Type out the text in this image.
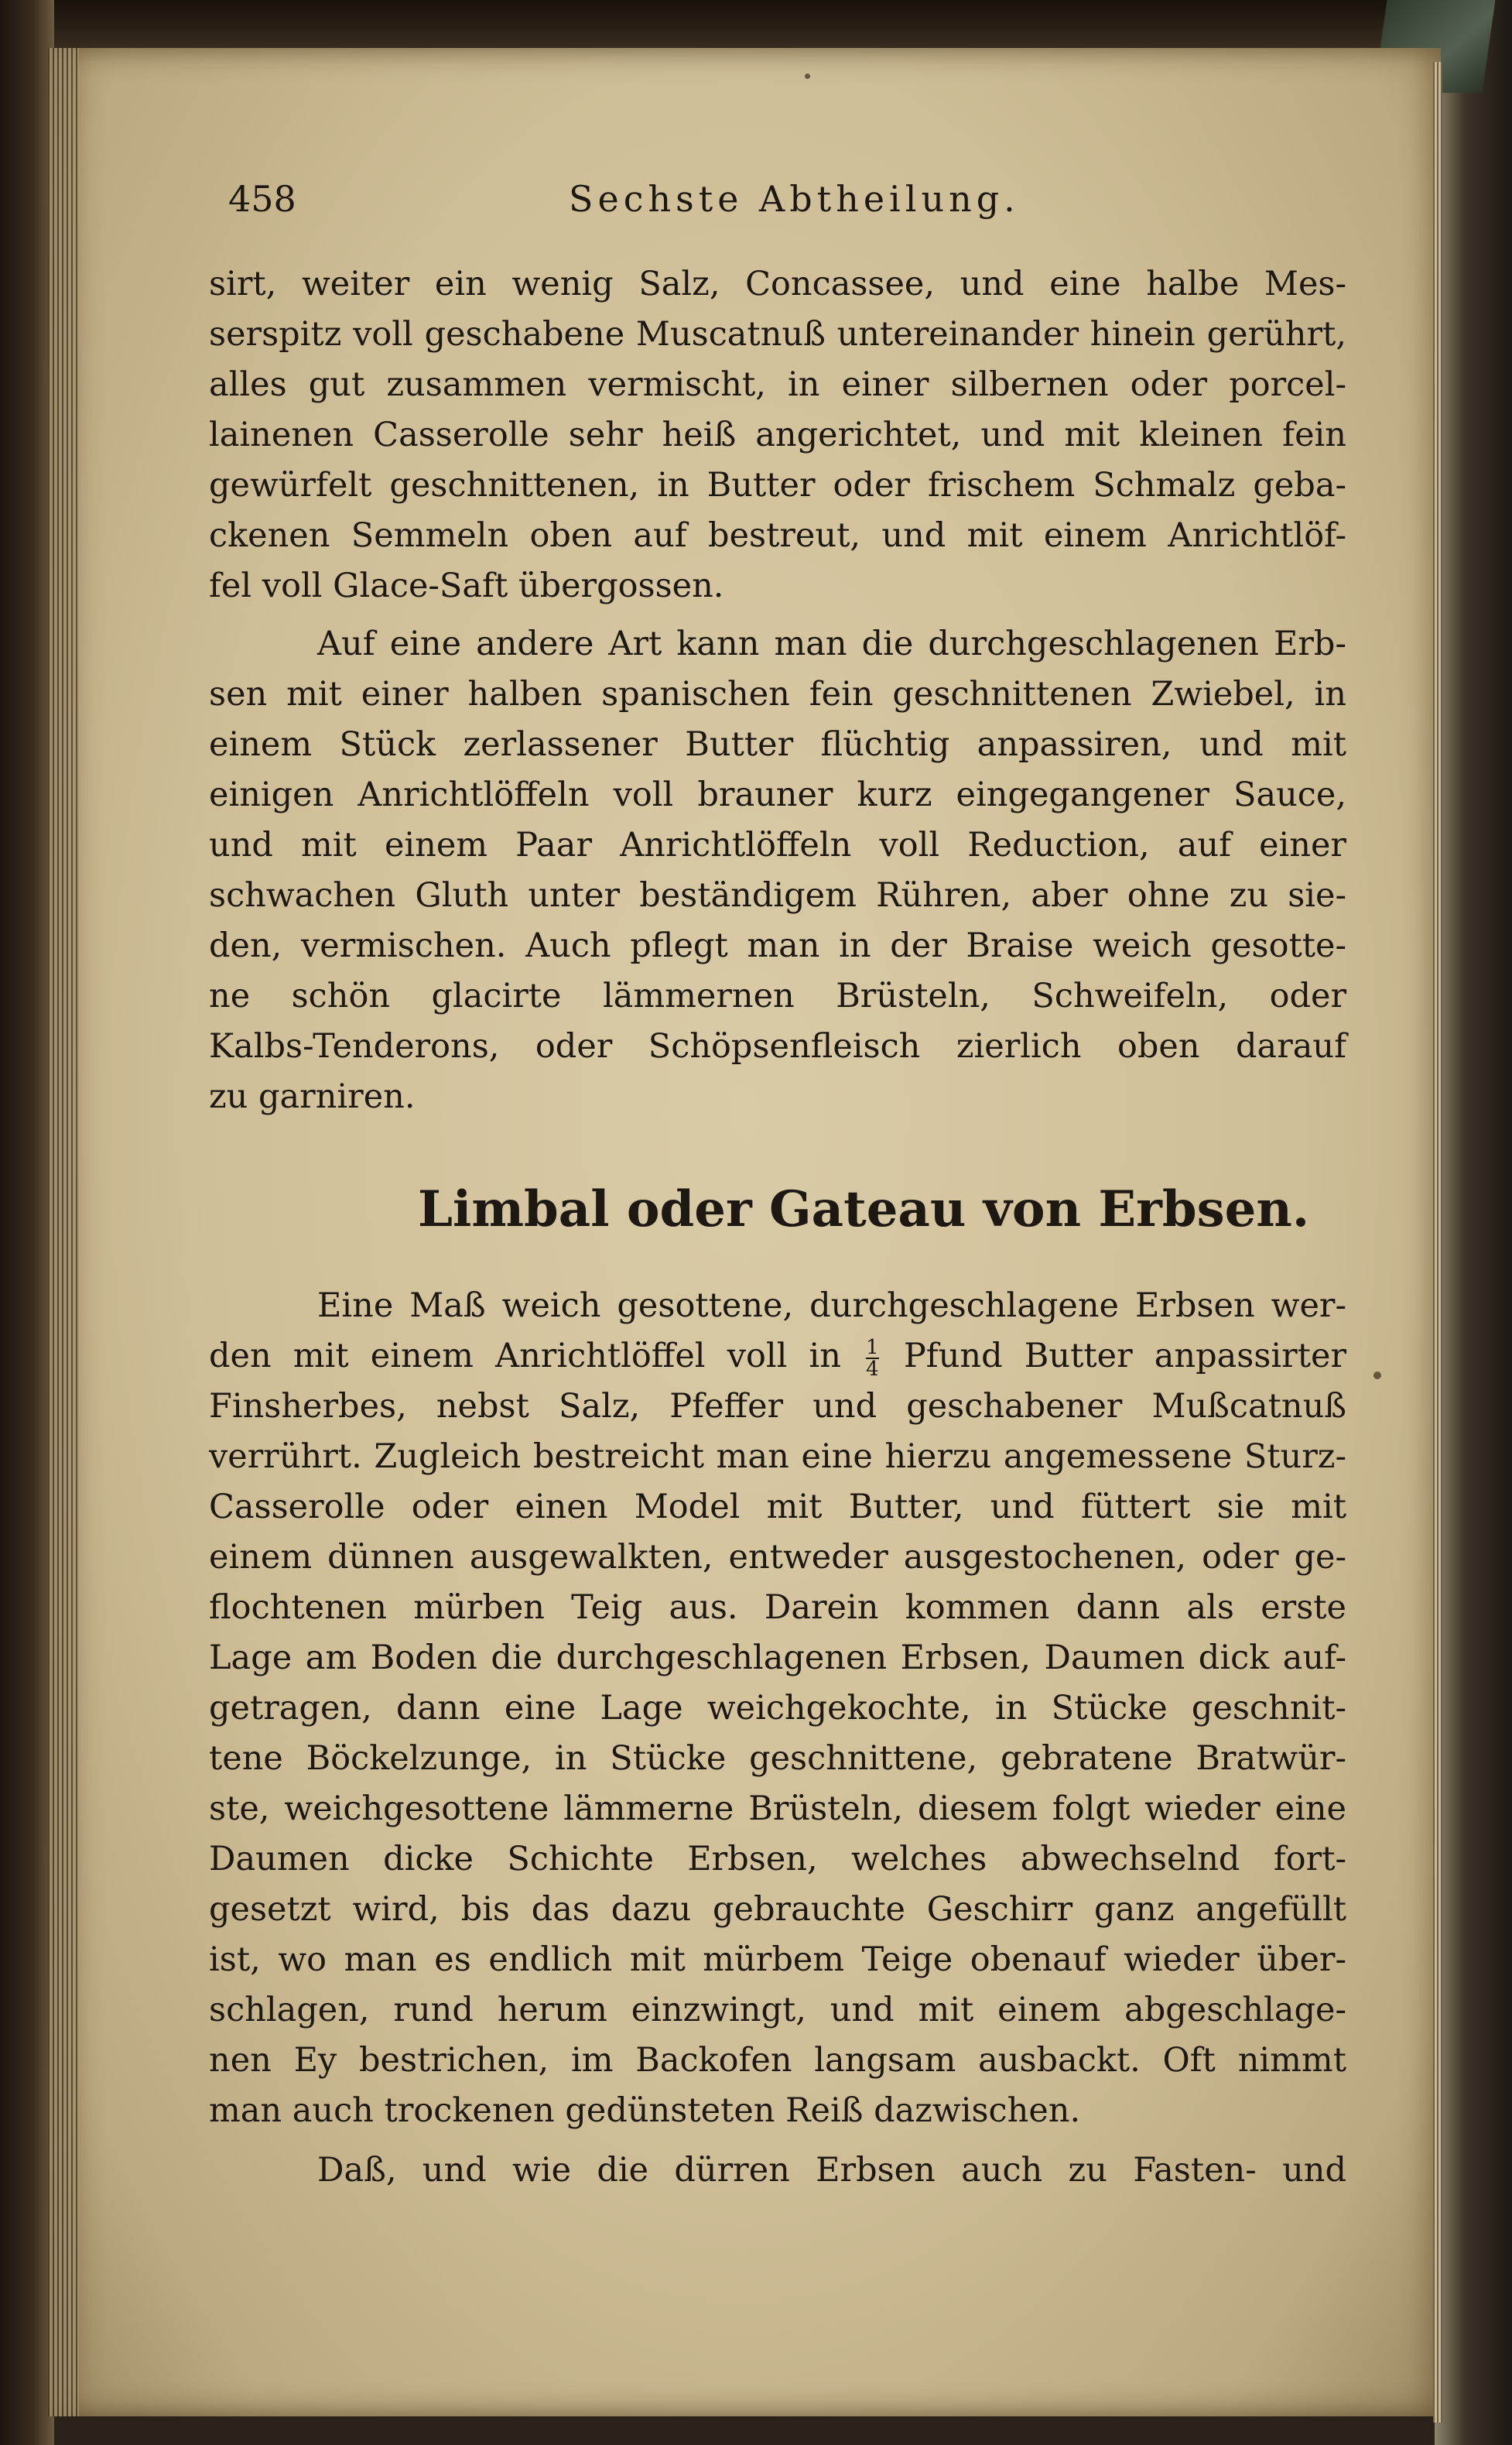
458	Sechste Abtheilung.
sirt, weiter ein wenig Salz, Concassee, und eine halbe Mes-
serspitz voll geschabene Muscatnuß untereinander hinein gerührt,
alles gut zusammen vermischt, in einer silbernen oder porcel-
lainenen Casserolle sehr heiß angerichtet, und mit kleinen fein
gewürfelt geschnittenen, in Butter oder frischem Schmalz geba-
ckenen Semmeln oben auf bestreut, und mit einem Anrichtlöf-
fel voll Glace-Saft übergossen.
Auf eine andere Art kann man die durchgeschlagenen Erb-
sen mit einer halben spanischen fein geschnittenen Zwiebel, in
einem Stück zerlassener Butter flüchtig anpassiren, und mit
einigen Anrichtlöffeln voll brauner kurz eingegangener Sauce,
und mit einem Paar Anrichtlöffeln voll Reduction, auf einer
schwachen Gluth unter beständigem Rühren, aber ohne zu sie-
den, vermischen. Auch pflegt man in der Braise weich gesotte-
ne schön glacirte lämmernen Brüsteln, Schweifeln, oder
Kalbs-Tenderons, oder Schöpsenfleisch zierlich oben darauf
zu garniren.
Limbal oder Gateau von Erbsen.
Eine Maß weich gesottene, durchgeschlagene Erbsen wer-
den mit einem Anrichtlöffel voll in $\frac{1}{4}$ Pfund Butter anpassirter
Finsherbes, nebst Salz, Pfeffer und geschabener Mußcatnuß
verrührt. Zugleich bestreicht man eine hierzu angemessene Sturz-
Casserolle oder einen Model mit Butter, und füttert sie mit
einem dünnen ausgewalkten, entweder ausgestochenen, oder ge-
flochtenen mürben Teig aus. Darein kommen dann als erste
Lage am Boden die durchgeschlagenen Erbsen, Daumen dick auf-
getragen, dann eine Lage weichgekochte, in Stücke geschnit-
tene Böckelzunge, in Stücke geschnittene, gebratene Bratwür-
ste, weichgesottene lämmerne Brüsteln, diesem folgt wieder eine
Daumen dicke Schichte Erbsen, welches abwechselnd fort-
gesetzt wird, bis das dazu gebrauchte Geschirr ganz angefüllt
ist, wo man es endlich mit mürbem Teige obenauf wieder über-
schlagen, rund herum einzwingt, und mit einem abgeschlage-
nen Ey bestrichen, im Backofen langsam ausbackt. Oft nimmt
man auch trockenen gedünsteten Reiß dazwischen.
Daß, und wie die dürren Erbsen auch zu Fasten- und
